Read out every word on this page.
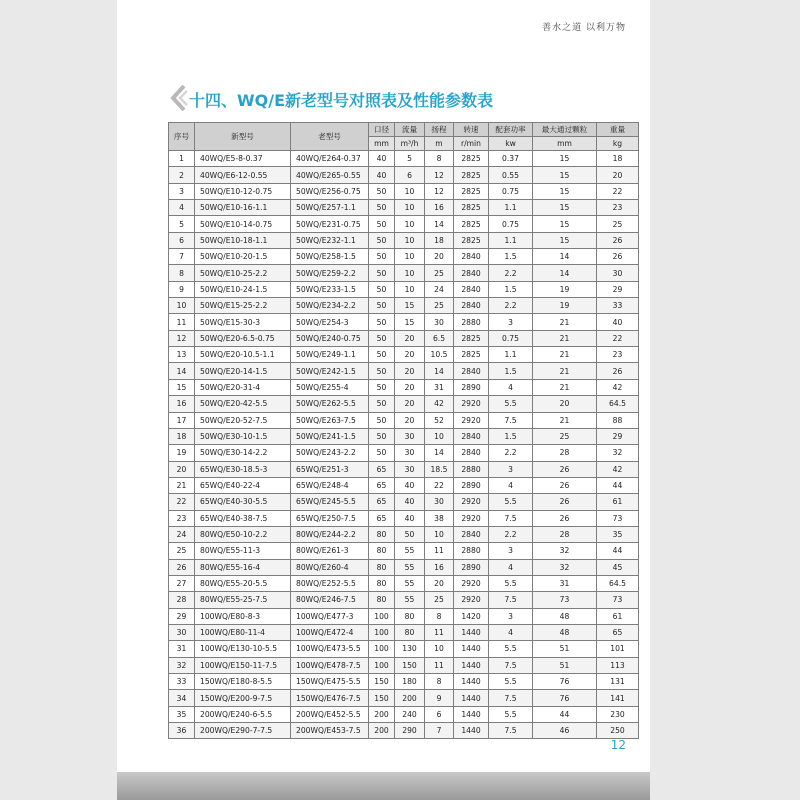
善水之道 以利万物
十四、WQ/E新老型号对照表及性能参数表
序号	新型号	老型号	口径	流量	扬程	转速	配套功率	最大通过颗粒	重量
			mm	m³/h	m	r/min	kw	mm	kg
1	40WQ/E5-8-0.37	40WQ/E264-0.37	40	5	8	2825	0.37	15	18
2	40WQ/E6-12-0.55	40WQ/E265-0.55	40	6	12	2825	0.55	15	20
3	50WQ/E10-12-0.75	50WQ/E256-0.75	50	10	12	2825	0.75	15	22
4	50WQ/E10-16-1.1	50WQ/E257-1.1	50	10	16	2825	1.1	15	23
5	50WQ/E10-14-0.75	50WQ/E231-0.75	50	10	14	2825	0.75	15	25
6	50WQ/E10-18-1.1	50WQ/E232-1.1	50	10	18	2825	1.1	15	26
7	50WQ/E10-20-1.5	50WQ/E258-1.5	50	10	20	2840	1.5	14	26
8	50WQ/E10-25-2.2	50WQ/E259-2.2	50	10	25	2840	2.2	14	30
9	50WQ/E10-24-1.5	50WQ/E233-1.5	50	10	24	2840	1.5	19	29
10	50WQ/E15-25-2.2	50WQ/E234-2.2	50	15	25	2840	2.2	19	33
11	50WQ/E15-30-3	50WQ/E254-3	50	15	30	2880	3	21	40
12	50WQ/E20-6.5-0.75	50WQ/E240-0.75	50	20	6.5	2825	0.75	21	22
13	50WQ/E20-10.5-1.1	50WQ/E249-1.1	50	20	10.5	2825	1.1	21	23
14	50WQ/E20-14-1.5	50WQ/E242-1.5	50	20	14	2840	1.5	21	26
15	50WQ/E20-31-4	50WQ/E255-4	50	20	31	2890	4	21	42
16	50WQ/E20-42-5.5	50WQ/E262-5.5	50	20	42	2920	5.5	20	64.5
17	50WQ/E20-52-7.5	50WQ/E263-7.5	50	20	52	2920	7.5	21	88
18	50WQ/E30-10-1.5	50WQ/E241-1.5	50	30	10	2840	1.5	25	29
19	50WQ/E30-14-2.2	50WQ/E243-2.2	50	30	14	2840	2.2	28	32
20	65WQ/E30-18.5-3	65WQ/E251-3	65	30	18.5	2880	3	26	42
21	65WQ/E40-22-4	65WQ/E248-4	65	40	22	2890	4	26	44
22	65WQ/E40-30-5.5	65WQ/E245-5.5	65	40	30	2920	5.5	26	61
23	65WQ/E40-38-7.5	65WQ/E250-7.5	65	40	38	2920	7.5	26	73
24	80WQ/E50-10-2.2	80WQ/E244-2.2	80	50	10	2840	2.2	28	35
25	80WQ/E55-11-3	80WQ/E261-3	80	55	11	2880	3	32	44
26	80WQ/E55-16-4	80WQ/E260-4	80	55	16	2890	4	32	45
27	80WQ/E55-20-5.5	80WQ/E252-5.5	80	55	20	2920	5.5	31	64.5
28	80WQ/E55-25-7.5	80WQ/E246-7.5	80	55	25	2920	7.5	73	73
29	100WQ/E80-8-3	100WQ/E477-3	100	80	8	1420	3	48	61
30	100WQ/E80-11-4	100WQ/E472-4	100	80	11	1440	4	48	65
31	100WQ/E130-10-5.5	100WQ/E473-5.5	100	130	10	1440	5.5	51	101
32	100WQ/E150-11-7.5	100WQ/E478-7.5	100	150	11	1440	7.5	51	113
33	150WQ/E180-8-5.5	150WQ/E475-5.5	150	180	8	1440	5.5	76	131
34	150WQ/E200-9-7.5	150WQ/E476-7.5	150	200	9	1440	7.5	76	141
35	200WQ/E240-6-5.5	200WQ/E452-5.5	200	240	6	1440	5.5	44	230
36	200WQ/E290-7-7.5	200WQ/E453-7.5	200	290	7	1440	7.5	46	250
12
